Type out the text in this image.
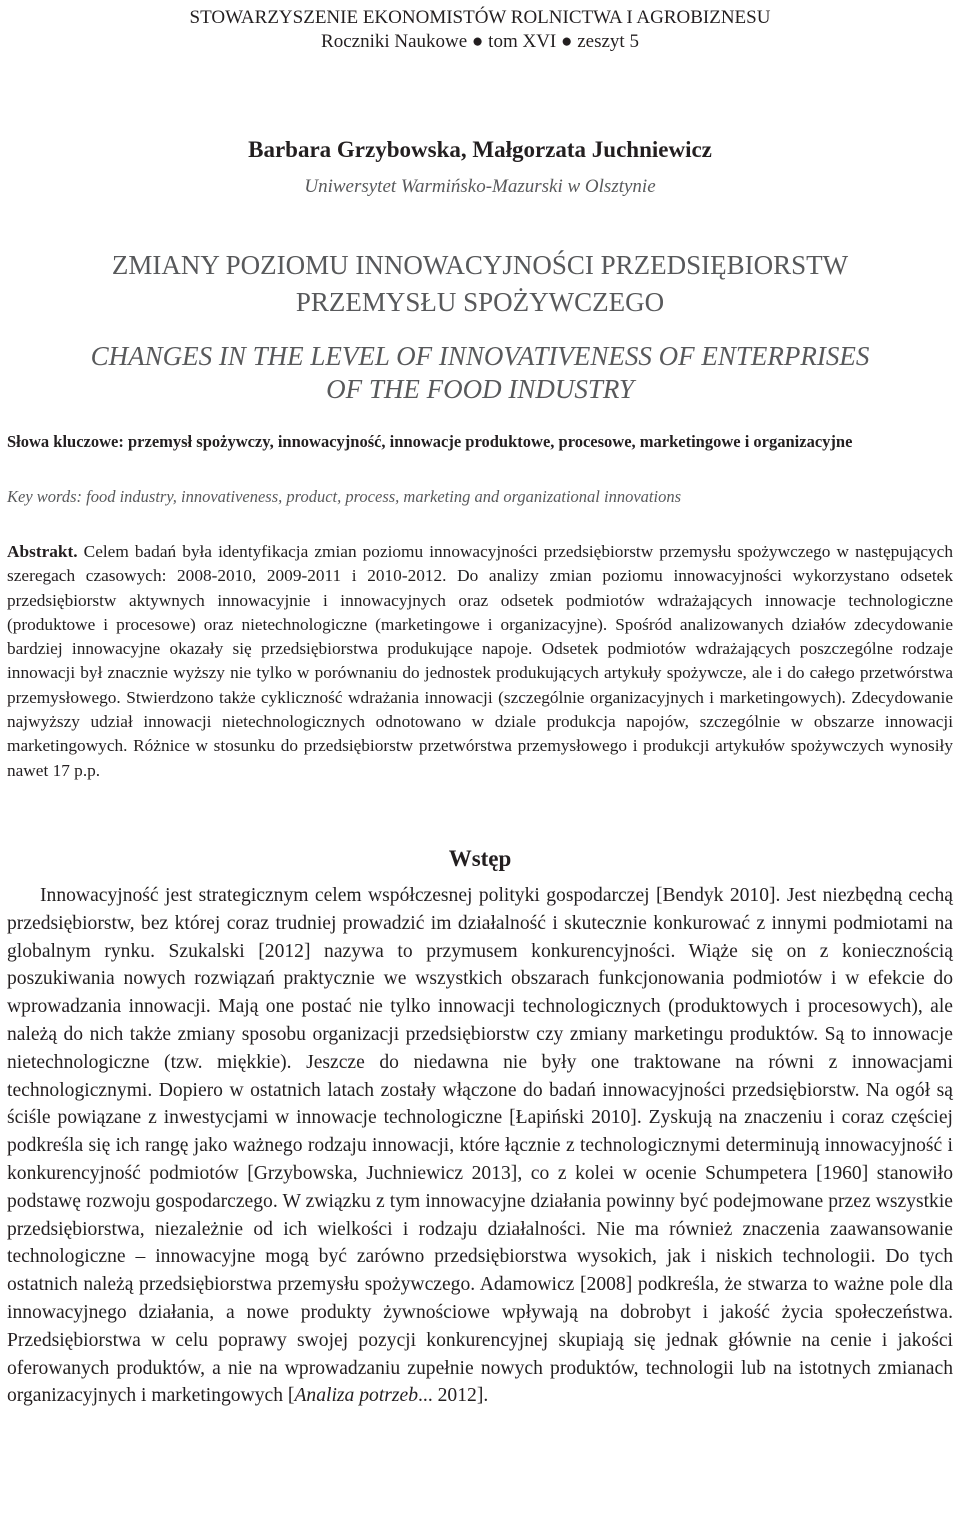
STOWARZYSZENIE EKONOMISTÓW ROLNICTWA I AGROBIZNESU
Roczniki Naukowe ● tom XVI ● zeszyt 5
Barbara Grzybowska, Małgorzata Juchniewicz
Uniwersytet Warmińsko-Mazurski w Olsztynie
ZMIANY POZIOMU INNOWACYJNOŚCI PRZEDSIĘBIORSTW
PRZEMYSŁU SPOŻYWCZEGO
CHANGES IN THE LEVEL OF INNOVATIVENESS OF ENTERPRISES
OF THE FOOD INDUSTRY
Słowa kluczowe: przemysł spożywczy, innowacyjność, innowacje produktowe, procesowe, marketingowe i organizacyjne
Key words: food industry, innovativeness, product, process, marketing and organizational innovations
Abstrakt. Celem badań była identyfikacja zmian poziomu innowacyjności przedsiębiorstw przemysłu spożywczego w następujących szeregach czasowych: 2008-2010, 2009-2011 i 2010-2012. Do analizy zmian poziomu innowacyjności wykorzystano odsetek przedsiębiorstw aktywnych innowacyjnie i innowacyjnych oraz odsetek podmiotów wdrażających innowacje technologiczne (produktowe i procesowe) oraz nietechnologiczne (marketingowe i organizacyjne). Spośród analizowanych działów zdecydowanie bardziej innowacyjne okazały się przedsiębiorstwa produkujące napoje. Odsetek podmiotów wdrażających poszczególne rodzaje innowacji był znacznie wyższy nie tylko w porównaniu do jednostek produkujących artykuły spożywcze, ale i do całego przetwórstwa przemysłowego. Stwierdzono także cykliczność wdrażania innowacji (szczególnie organizacyjnych i marketingowych). Zdecydowanie najwyższy udział innowacji nietechnologicznych odnotowano w dziale produkcja napojów, szczególnie w obszarze innowacji marketingowych. Różnice w stosunku do przedsiębiorstw przetwórstwa przemysłowego i produkcji artykułów spożywczych wynosiły nawet 17 p.p.
Wstęp
Innowacyjność jest strategicznym celem współczesnej polityki gospodarczej [Bendyk 2010]. Jest niezbędną cechą przedsiębiorstw, bez której coraz trudniej prowadzić im działalność i skutecznie konkurować z innymi podmiotami na globalnym rynku. Szukalski [2012] nazywa to przymusem konkurencyjności. Wiąże się on z koniecznością poszukiwania nowych rozwiązań praktycznie we wszystkich obszarach funkcjonowania podmiotów i w efekcie do wprowadzania innowacji. Mają one postać nie tylko innowacji technologicznych (produktowych i procesowych), ale należą do nich także zmiany sposobu organizacji przedsiębiorstw czy zmiany marketingu produktów. Są to innowacje nietechnologiczne (tzw. miękkie). Jeszcze do niedawna nie były one traktowane na równi z innowacjami technologicznymi. Dopiero w ostatnich latach zostały włączone do badań innowacyjności przedsiębiorstw. Na ogół są ściśle powiązane z inwestycjami w innowacje technologiczne [Łapiński 2010]. Zyskują na znaczeniu i coraz częściej podkreśla się ich rangę jako ważnego rodzaju innowacji, które łącznie z technologicznymi determinują innowacyjność i konkurencyjność podmiotów [Grzybowska, Juchniewicz 2013], co z kolei w ocenie Schumpetera [1960] stanowiło podstawę rozwoju gospodarczego. W związku z tym innowacyjne działania powinny być podejmowane przez wszystkie przedsiębiorstwa, niezależnie od ich wielkości i rodzaju działalności. Nie ma również znaczenia zaawansowanie technologiczne – innowacyjne mogą być zarówno przedsiębiorstwa wysokich, jak i niskich technologii. Do tych ostatnich należą przedsiębiorstwa przemysłu spożywczego. Adamowicz [2008] podkreśla, że stwarza to ważne pole dla innowacyjnego działania, a nowe produkty żywnościowe wpływają na dobrobyt i jakość życia społeczeństwa. Przedsiębiorstwa w celu poprawy swojej pozycji konkurencyjnej skupiają się jednak głównie na cenie i jakości oferowanych produktów, a nie na wprowadzaniu zupełnie nowych produktów, technologii lub na istotnych zmianach organizacyjnych i marketingowych [Analiza potrzeb... 2012].
